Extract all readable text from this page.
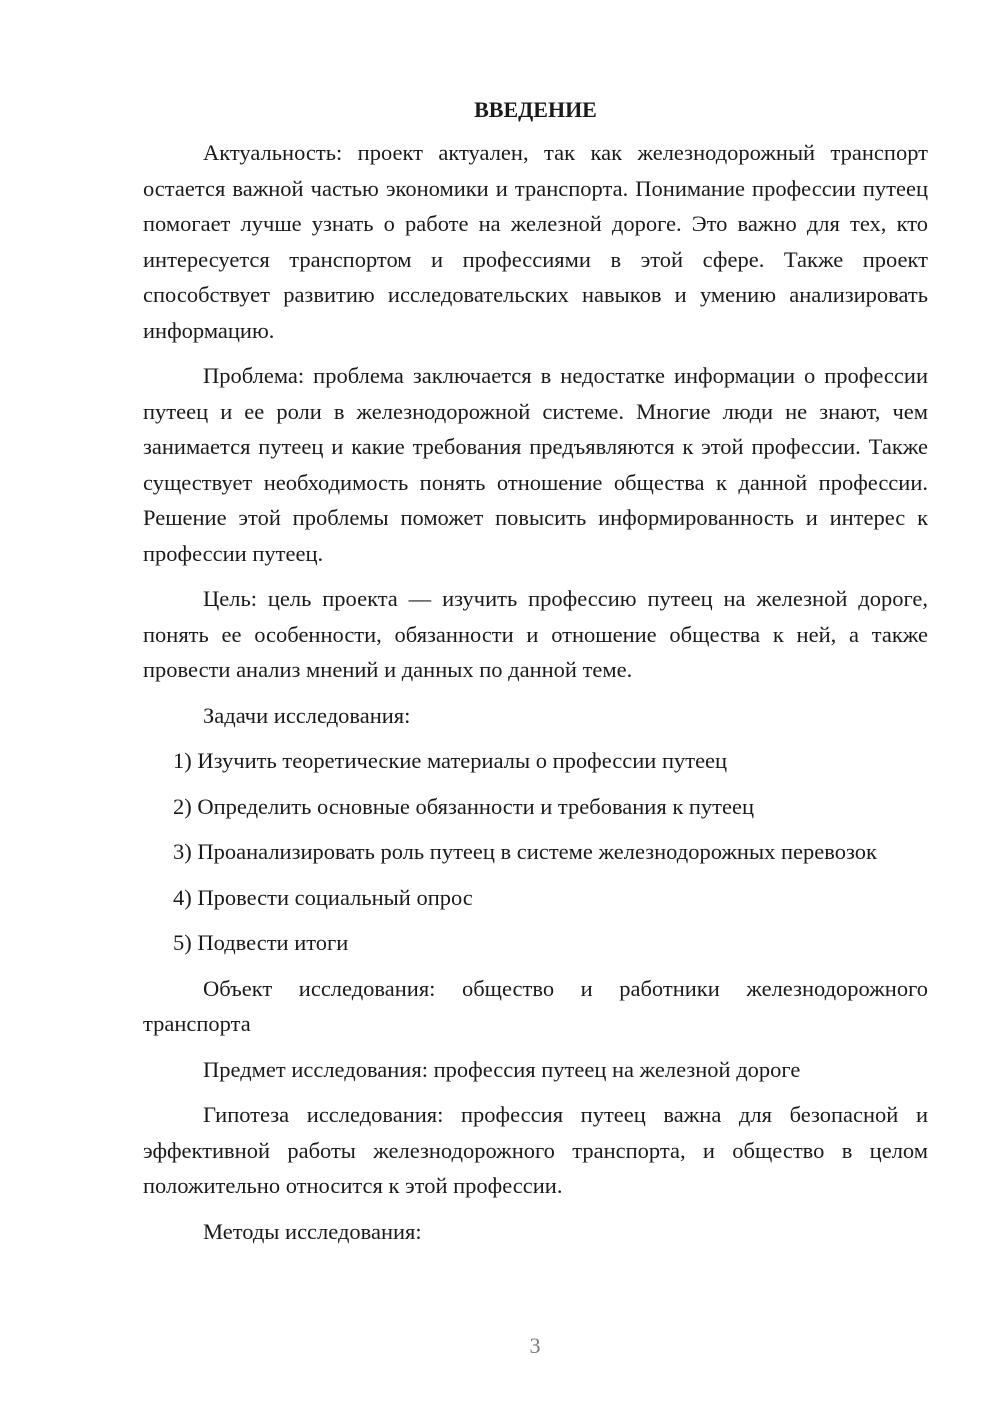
ВВЕДЕНИЕ
Актуальность: проект актуален, так как железнодорожный транспорт остается важной частью экономики и транспорта. Понимание профессии путеец помогает лучше узнать о работе на железной дороге. Это важно для тех, кто интересуется транспортом и профессиями в этой сфере. Также проект способствует развитию исследовательских навыков и умению анализировать информацию.
Проблема: проблема заключается в недостатке информации о профессии путеец и ее роли в железнодорожной системе. Многие люди не знают, чем занимается путеец и какие требования предъявляются к этой профессии. Также существует необходимость понять отношение общества к данной профессии. Решение этой проблемы поможет повысить информированность и интерес к профессии путеец.
Цель: цель проекта — изучить профессию путеец на железной дороге, понять ее особенности, обязанности и отношение общества к ней, а также провести анализ мнений и данных по данной теме.
Задачи исследования:
1) Изучить теоретические материалы о профессии путеец
2) Определить основные обязанности и требования к путеец
3) Проанализировать роль путеец в системе железнодорожных перевозок
4) Провести социальный опрос
5) Подвести итоги
Объект исследования: общество и работники железнодорожного транспорта
Предмет исследования: профессия путеец на железной дороге
Гипотеза исследования: профессия путеец важна для безопасной и эффективной работы железнодорожного транспорта, и общество в целом положительно относится к этой профессии.
Методы исследования:
3
